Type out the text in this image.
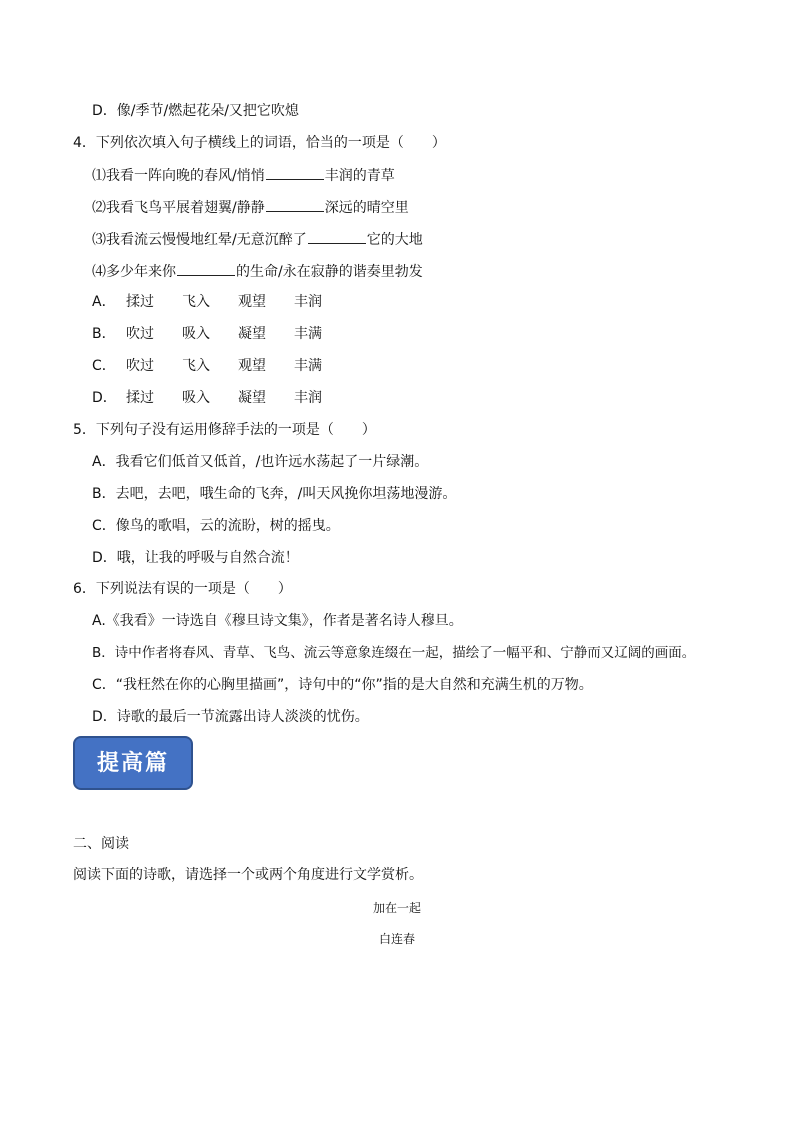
D．像/季节/燃起花朵/又把它吹熄
4．下列依次填入句子横线上的词语，恰当的一项是（　　）
⑴我看一阵向晚的春风/悄悄	丰润的青草
⑵我看飞鸟平展着翅翼/静静	深远的晴空里
⑶我看流云慢慢地红晕/无意沉醉了	它的大地
⑷多少年来你	的生命/永在寂静的谐奏里勃发
A． 揉过 飞入 观望 丰润
B． 吹过 吸入 凝望 丰满
C． 吹过 飞入 观望 丰满
D． 揉过 吸入 凝望 丰润
5．下列句子没有运用修辞手法的一项是（　　）
A．我看它们低首又低首，/也许远水荡起了一片绿潮。
B．去吧，去吧，哦生命的飞奔，/叫天风挽你坦荡地漫游。
C．像鸟的歌唱，云的流盼，树的摇曳。
D．哦，让我的呼吸与自然合流！
6．下列说法有误的一项是（　　）
A.《我看》一诗选自《穆旦诗文集》，作者是著名诗人穆旦。
B．诗中作者将春风、青草、飞鸟、流云等意象连缀在一起，描绘了一幅平和、宁静而又辽阔的画面。
C．“我枉然在你的心胸里描画”，诗句中的“你”指的是大自然和充满生机的万物。
D．诗歌的最后一节流露出诗人淡淡的忧伤。
提高篇
二、阅读
阅读下面的诗歌，请选择一个或两个角度进行文学赏析。
加在一起
白连春
